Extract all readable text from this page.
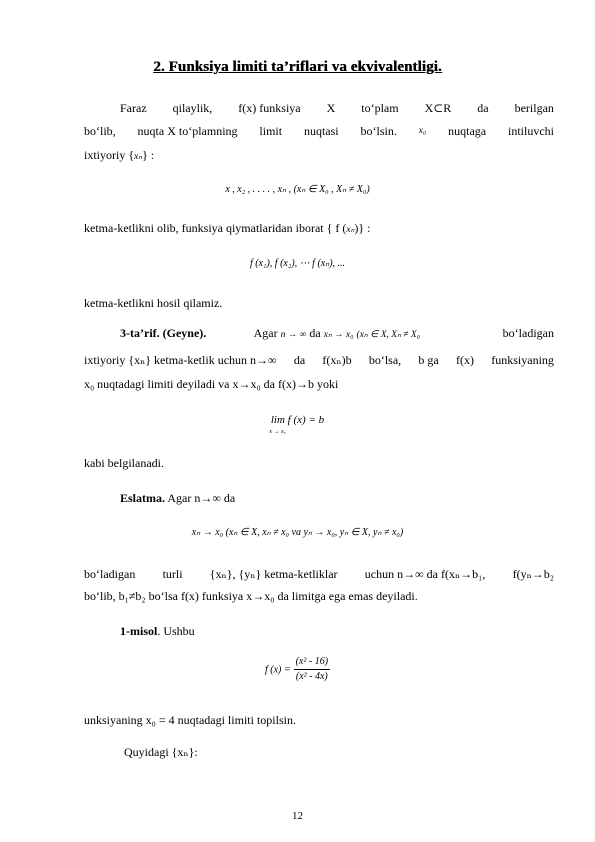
2. Funksiya limiti ta’riflari va ekvivalentligi.
Faraz qilaylik, f(x) funksiya X to‘plam X⊂R da berilgan
bo‘lib, nuqta X to‘plamning limit nuqtasi bo‘lsin. x₀ nuqtaga intiluvchi
ixtiyoriy {xₙ} :
x , x₂ , . . . . , xₙ , (xₙ ∈ X₀ , Xₙ ≠ X₀)
ketma-ketlikni olib, funksiya qiymatlaridan iborat { f (xₙ)} :
f (x₁), f (x₂), ⋯ f (xₙ), ...
ketma-ketlikni hosil qilamiz.
3-ta’rif. (Geyne).	Agar n → ∞ da xₙ → x₀ (xₙ ∈ X, Xₙ ≠ X₀	bo‘ladigan
ixtiyoriy {xₙ} ketma-ketlik uchun n→∞ da f(xₙ)b bo‘lsa, b ga f(x) funksiyaning
x₀ nuqtadagi limiti deyiladi va x→x₀ da f(x)→b yoki
lim f (x) = b
x → x₀
kabi belgilanadi.
Eslatma. Agar n→∞ da
xₙ → x₀ (xₙ ∈ X, xₙ ≠ x₀ va yₙ → x₀, yₙ ∈ X, yₙ ≠ x₀)
bo‘ladigan turli {xₙ}, {yₙ} ketma-ketliklar uchun n→∞ da f(xₙ→b₁, f(yₙ→b₂
bo‘lib, b₁≠b₂ bo‘lsa f(x) funksiya x→x₀ da limitga ega emas deyiladi.
1-misol. Ushbu
f $(x) = \frac{\text{(x² - 16)}}{\text{(x² - 4x)}}$
unksiyaning x₀ = 4 nuqtadagi limiti topilsin.
Quyidagi {xₙ}:
12
